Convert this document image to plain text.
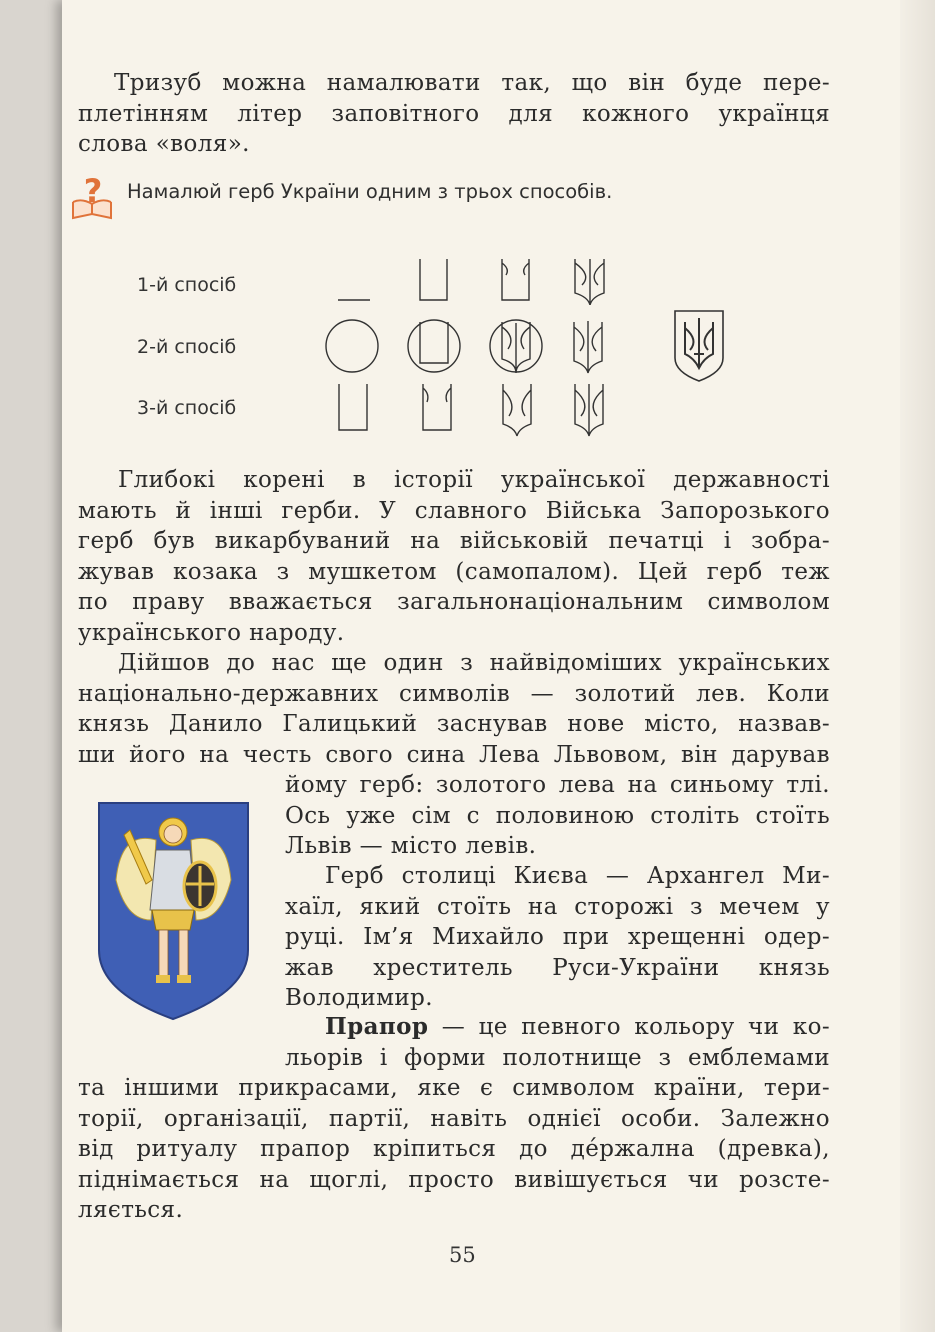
Тризуб можна намалювати так, що він буде пере-
плетінням літер заповітного для кожного українця
слова «воля».

? Намалюй герб України одним з трьох способів.
1-й спосіб
2-й спосіб
3-й спосіб

Глибокі корені в історії української державності
мають й інші герби. У славного Війська Запорозького
герб був викарбуваний на військовій печатці і зобра-
жував козака з мушкетом (самопалом). Цей герб теж
по праву вважається загальнонаціональним символом
українського народу.

Дійшов до нас ще один з найвідоміших українських
національно-державних символів — золотий лев. Коли
князь Данило Галицький заснував нове місто, назвав-
ши його на честь свого сина Лева Львовом, він дарував

йому герб: золотого лева на синьому тлі.
Ось уже сім с половиною століть стоїть
Львів — місто левів.

Герб столиці Києва — Архангел Ми-
хаїл, який стоїть на сторожі з мечем у
руці. Ім’я Михайло при хрещенні одер-
жав хреститель Руси-України князь
Володимир.

Прапор — це певного кольору чи ко-
льорів і форми полотнище з емблемами
та іншими прикрасами, яке є символом країни, тери-
торії, організації, партії, навіть однієї особи. Залежно
від ритуалу прапор кріпиться до дéржална (древка),
піднімається на щоглі, просто вивішується чи розсте-
ляється.

55
